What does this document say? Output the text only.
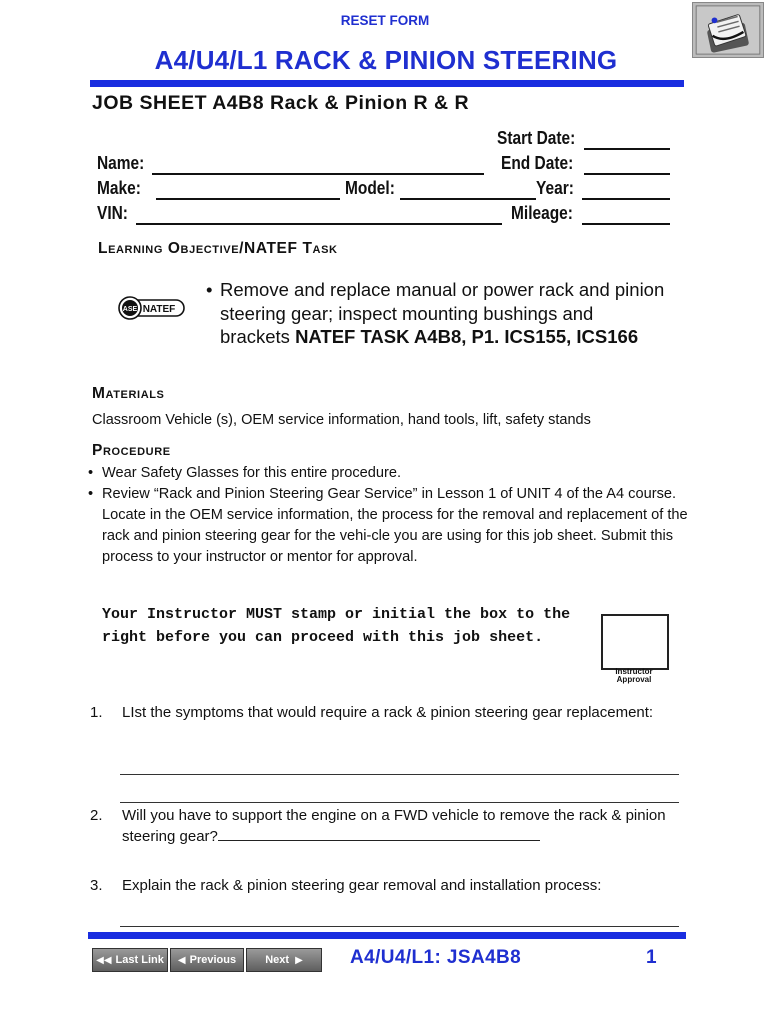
RESET FORM
A4/U4/L1 RACK & PINION STEERING
JOB SHEET A4B8 Rack & Pinion R & R
Start Date:
Name:	End Date:
Make:	Model:	Year:
VIN:	Mileage:
Learning Objective/NATEF Task
ASE NATEF
• Remove and replace manual or power rack and pinion steering gear; inspect mounting bushings and brackets NATEF TASK A4B8, P1. ICS155, ICS166
Materials
Classroom Vehicle (s), OEM service information, hand tools, lift, safety stands
Procedure
• Wear Safety Glasses for this entire procedure.
• Review “Rack and Pinion Steering Gear Service” in Lesson 1 of UNIT 4 of the A4 course. Locate in the OEM service information, the process for the removal and replacement of the rack and pinion steering gear for the vehi-cle you are using for this job sheet. Submit this process to your instructor or mentor for approval.
Your Instructor MUST stamp or initial the box to the right before you can proceed with this job sheet.
Instructor
Approval
1.	LIst the symptoms that would require a rack & pinion steering gear replacement:
2.	Will you have to support the engine on a FWD vehicle to remove the rack & pinion steering gear?
3.	Explain the rack & pinion steering gear removal and installation process:
◀◀ Last Link ◀ Previous	Next ▶ A4/U4/L1: JSA4B8	1
